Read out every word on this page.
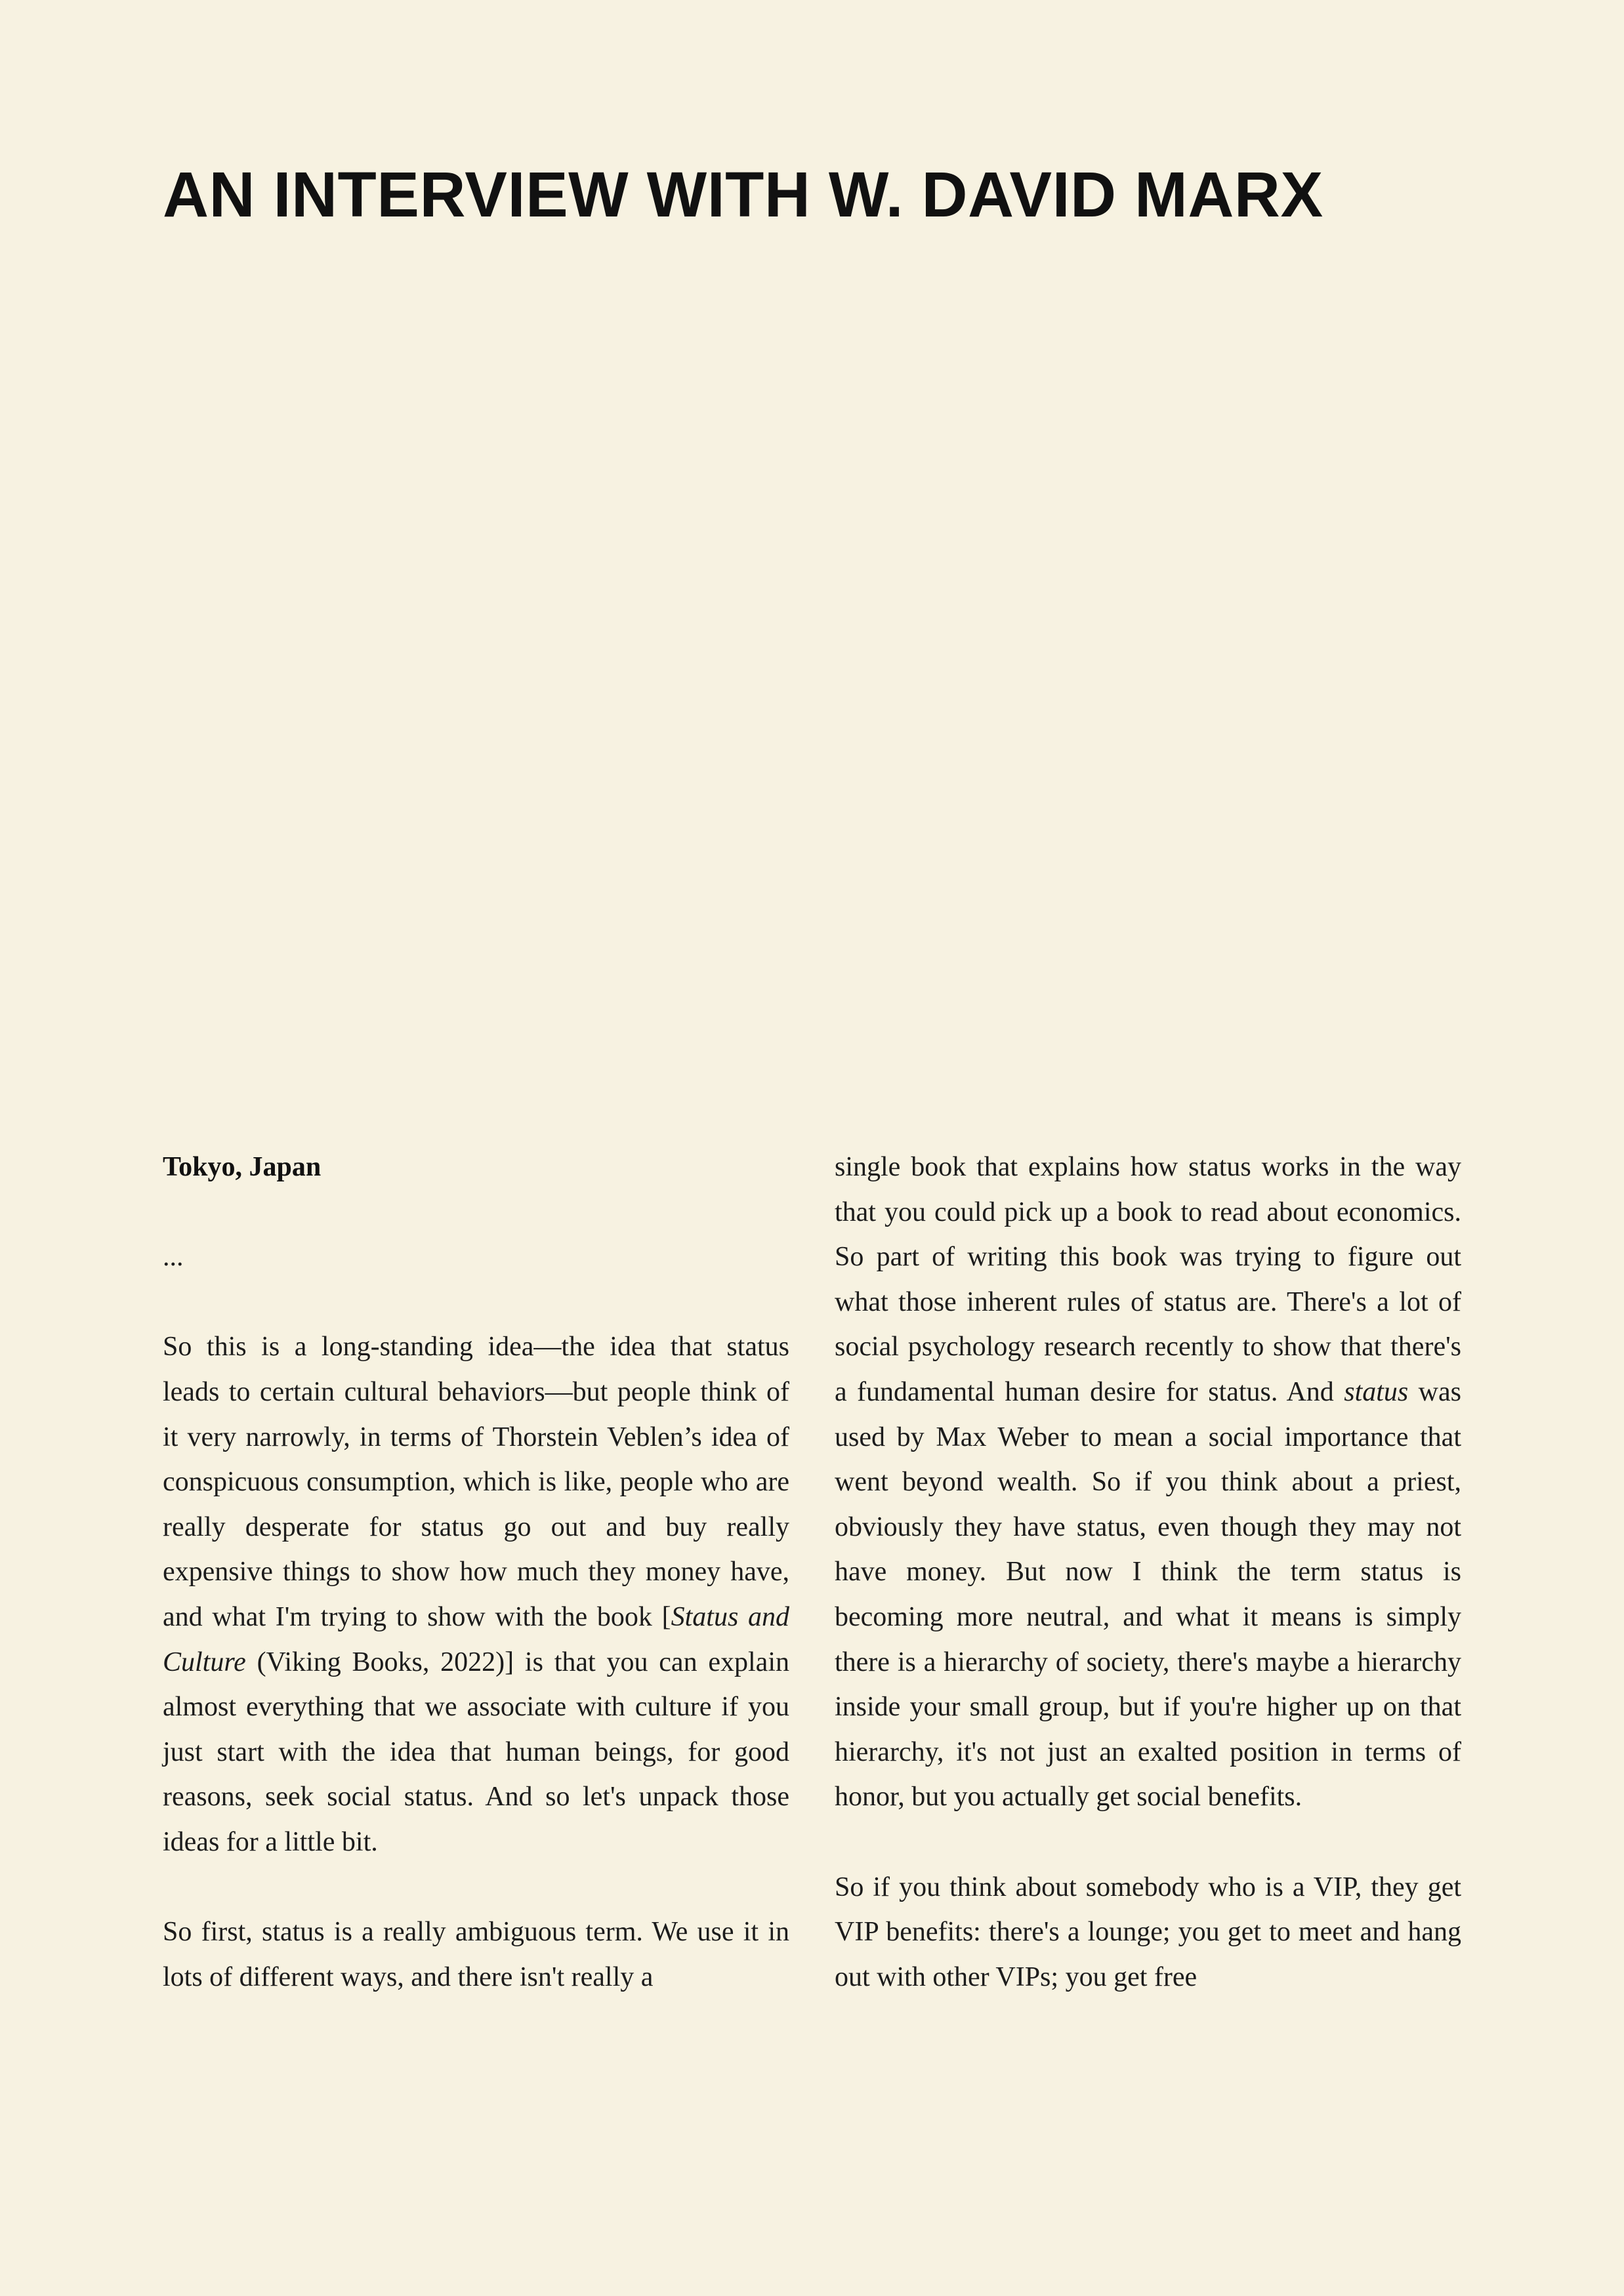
AN INTERVIEW WITH W. DAVID MARX

Tokyo, Japan

...

So this is a long-standing idea—the idea that status leads to certain cultural behaviors—but people think of it very narrowly, in terms of Thorstein Veblen’s idea of conspicuous consumption, which is like, people who are really desperate for status go out and buy really expensive things to show how much they money have, and what I'm trying to show with the book [Status and Culture (Viking Books, 2022)] is that you can explain almost everything that we associate with culture if you just start with the idea that human beings, for good reasons, seek social status. And so let's unpack those ideas for a little bit.

So first, status is a really ambiguous term. We use it in lots of different ways, and there isn't really a

single book that explains how status works in the way that you could pick up a book to read about economics. So part of writing this book was trying to figure out what those inherent rules of status are. There's a lot of social psychology research recently to show that there's a fundamental human desire for status. And status was used by Max Weber to mean a social importance that went beyond wealth. So if you think about a priest, obviously they have status, even though they may not have money. But now I think the term status is becoming more neutral, and what it means is simply there is a hierarchy of society, there's maybe a hierarchy inside your small group, but if you're higher up on that hierarchy, it's not just an exalted position in terms of honor, but you actually get social benefits.

So if you think about somebody who is a VIP, they get VIP benefits: there's a lounge; you get to meet and hang out with other VIPs; you get free
